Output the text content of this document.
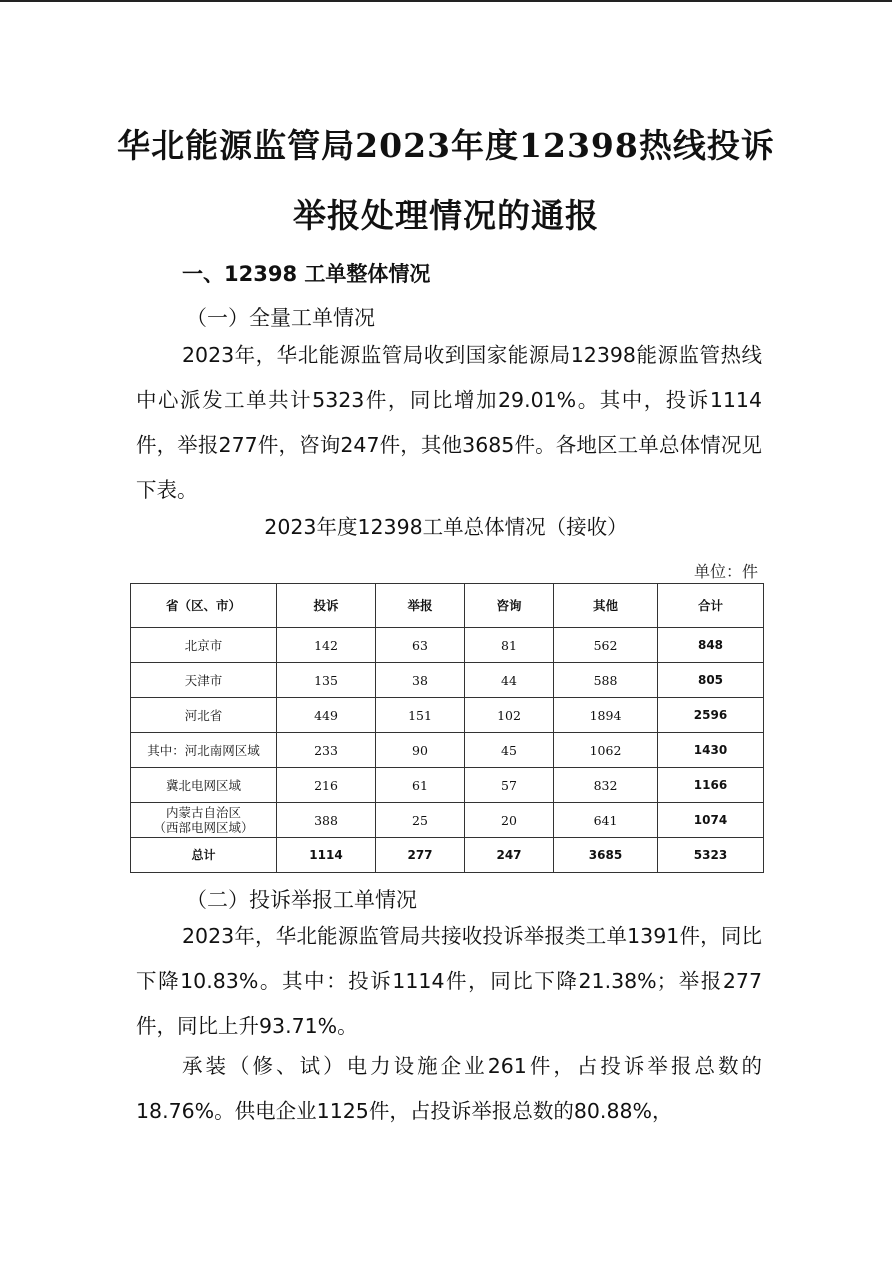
华北能源监管局2023年度12398热线投诉
举报处理情况的通报
一、12398 工单整体情况
（一）全量工单情况

2023年，华北能源监管局收到国家能源局12398能源监管热线中心派发工单共计5323件，同比增加29.01%。其中，投诉1114件，举报277件，咨询247件，其他3685件。各地区工单总体情况见下表。

2023年度12398工单总体情况（接收）
单位：件
省（区、市）	投诉	举报	咨询	其他	合计
北京市	142	63	81	562	848
天津市	135	38	44	588	805
河北省	449	151	102	1894	2596
其中：河北南网区域	233	90	45	1062	1430
冀北电网区域	216	61	57	832	1166

内蒙古自治区
（西部电网区域）	388	25	20	641	1074
总计	1114	277	247	3685	5323
（二）投诉举报工单情况

2023年，华北能源监管局共接收投诉举报类工单1391件，同比下降10.83%。其中：投诉1114件，同比下降21.38%；举报277件，同比上升93.71%。

承装（修、试）电力设施企业261件，占投诉举报总数的18.76%。供电企业1125件，占投诉举报总数的80.88%，
